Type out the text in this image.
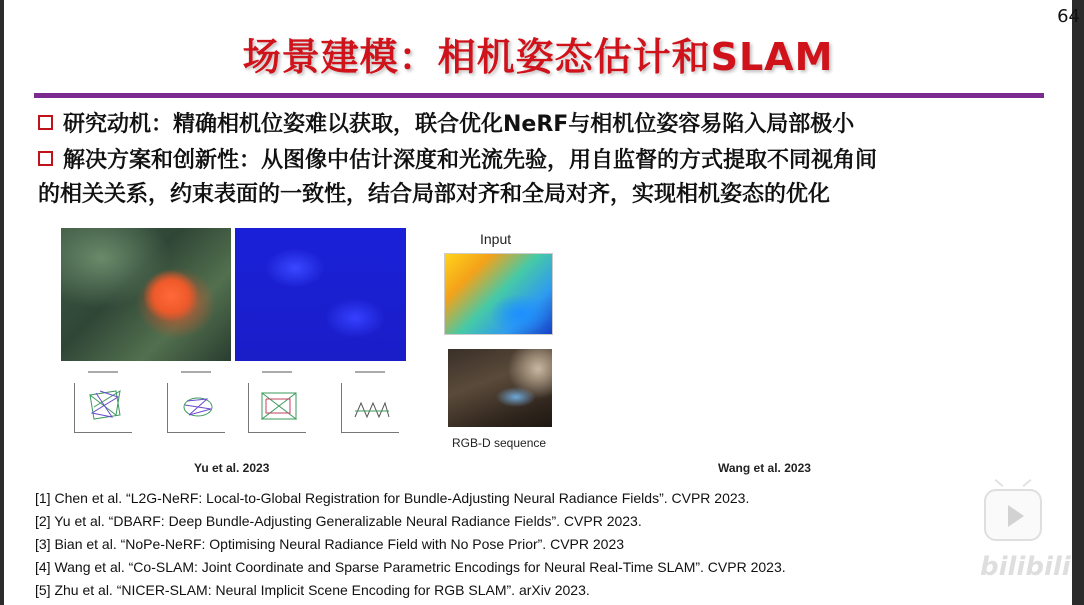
场景建模：相机姿态估计和SLAM
研究动机：精确相机位姿难以获取，联合优化NeRF与相机位姿容易陷入局部极小
解决方案和创新性：从图像中估计深度和光流先验，用自监督的方式提取不同视角间
的相关关系，约束表面的一致性，结合局部对齐和全局对齐，实现相机姿态的优化
Yu et al. 2023
Input
RGB-D sequence
Wang et al. 2023
[1] Chen et al. “L2G-NeRF: Local-to-Global Registration for Bundle-Adjusting Neural Radiance Fields”. CVPR 2023.
[2] Yu et al. “DBARF: Deep Bundle-Adjusting Generalizable Neural Radiance Fields”. CVPR 2023.
[3] Bian et al. “NoPe-NeRF: Optimising Neural Radiance Field with No Pose Prior”. CVPR 2023
[4] Wang et al. “Co-SLAM: Joint Coordinate and Sparse Parametric Encodings for Neural Real-Time SLAM”. CVPR 2023.
[5] Zhu et al. “NICER-SLAM: Neural Implicit Scene Encoding for RGB SLAM”. arXiv 2023.
64
bilibili
